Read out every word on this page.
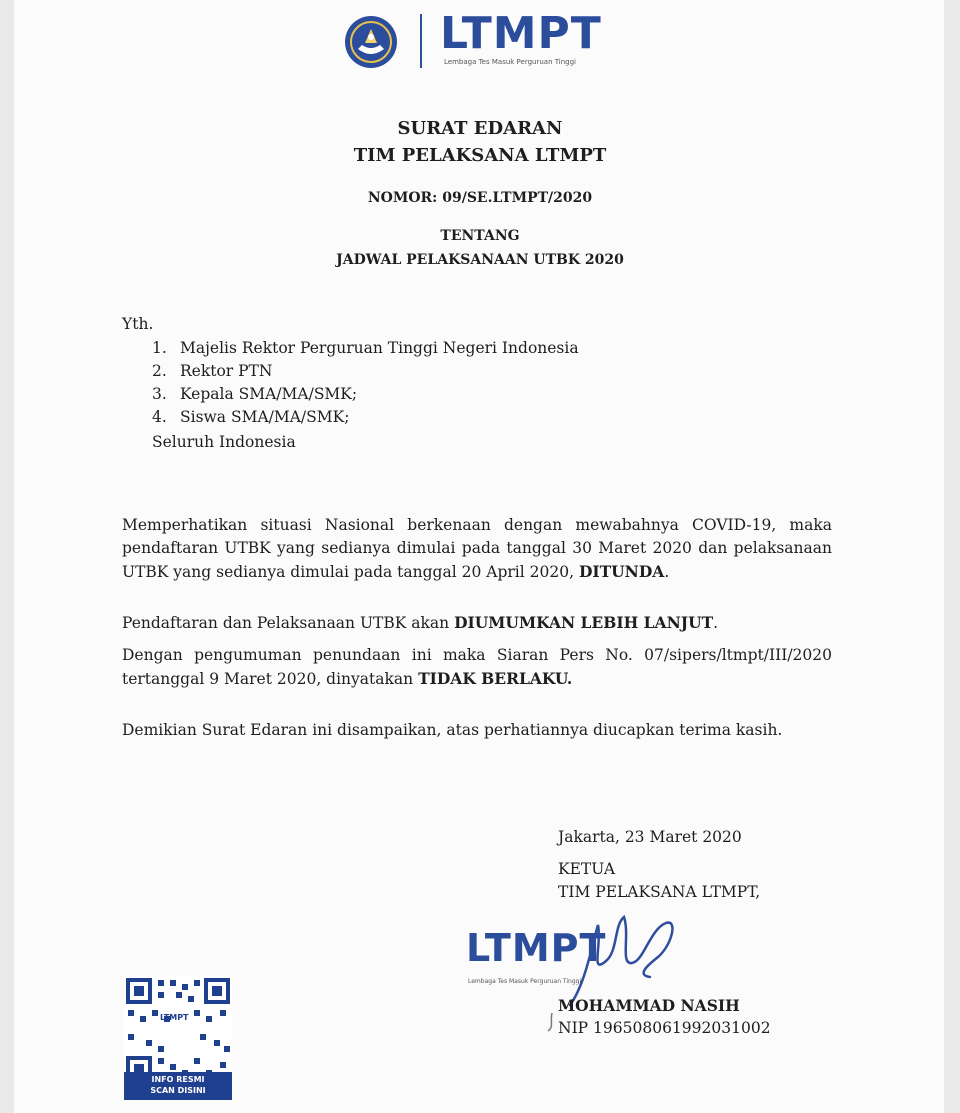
LTMPT
Lembaga Tes Masuk Perguruan Tinggi
SURAT EDARAN
TIM PELAKSANA LTMPT
NOMOR: 09/SE.LTMPT/2020
TENTANG
JADWAL PELAKSANAAN UTBK 2020
Yth.
1. Majelis Rektor Perguruan Tinggi Negeri Indonesia
2. Rektor PTN
3. Kepala SMA/MA/SMK;
4. Siswa SMA/MA/SMK;
Seluruh Indonesia
Memperhatikan situasi Nasional berkenaan dengan mewabahnya COVID-19, maka pendaftaran UTBK yang sedianya dimulai pada tanggal 30 Maret 2020 dan pelaksanaan UTBK yang sedianya dimulai pada tanggal 20 April 2020, DITUNDA.
Pendaftaran dan Pelaksanaan UTBK akan DIUMUMKAN LEBIH LANJUT.
Dengan pengumuman penundaan ini maka Siaran Pers No. 07/sipers/ltmpt/III/2020 tertanggal 9 Maret 2020, dinyatakan TIDAK BERLAKU.
Demikian Surat Edaran ini disampaikan, atas perhatiannya diucapkan terima kasih.
Jakarta, 23 Maret 2020
KETUA
TIM PELAKSANA LTMPT,
LTMPT
Lembaga Tes Masuk Perguruan Tinggi
MOHAMMAD NASIH
NIP 196508061992031002
LTMPT
INFO RESMI
SCAN DISINI
